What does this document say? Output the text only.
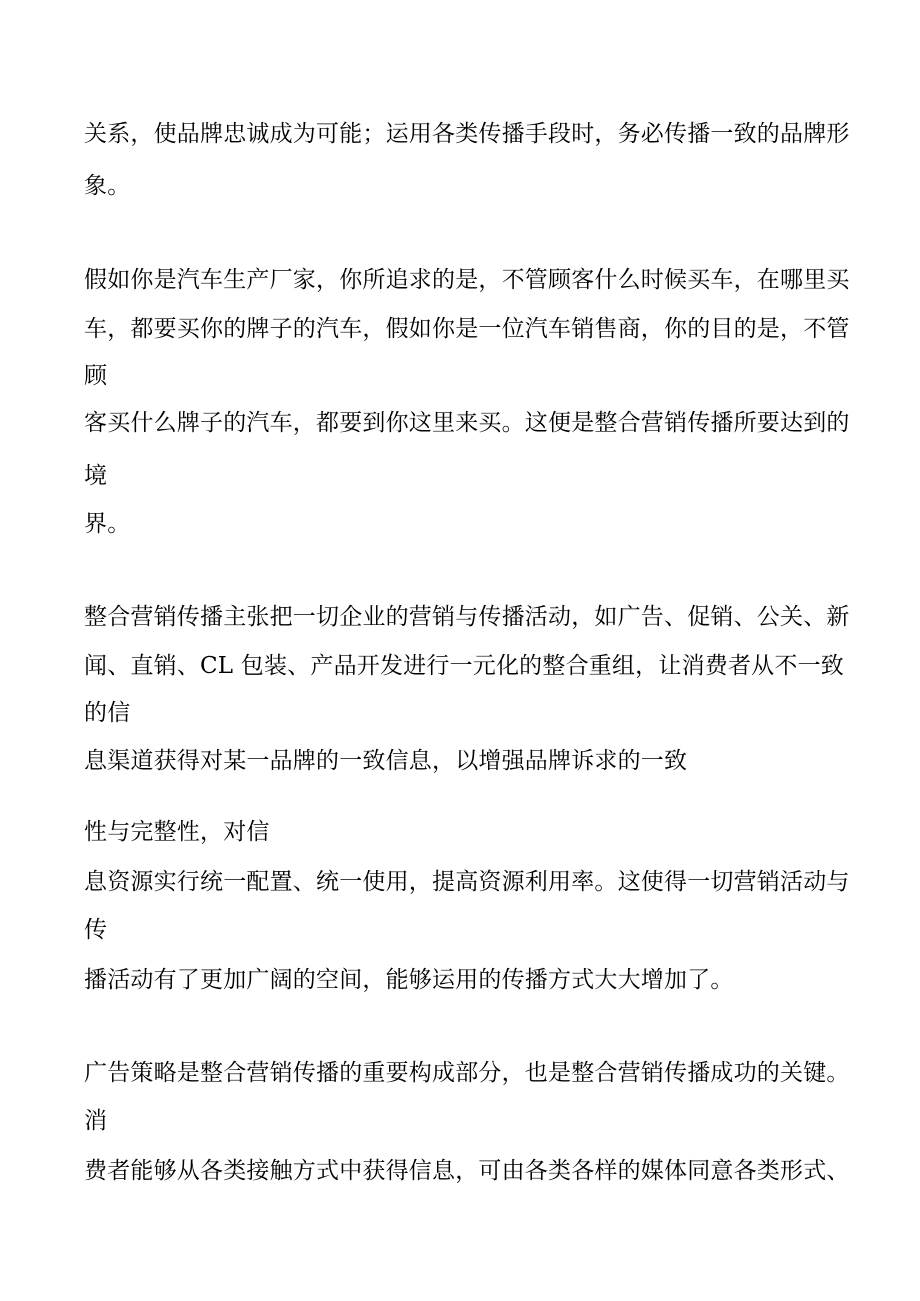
关系，使品牌忠诚成为可能；运用各类传播手段时，务必传播一致的品牌形
象。
假如你是汽车生产厂家，你所追求的是，不管顾客什么时候买车，在哪里买
车，都要买你的牌子的汽车，假如你是一位汽车销售商，你的目的是，不管
顾
客买什么牌子的汽车，都要到你这里来买。这便是整合营销传播所要达到的
境
界。
整合营销传播主张把一切企业的营销与传播活动，如广告、促销、公关、新
闻、直销、CL 包装、产品开发进行一元化的整合重组，让消费者从不一致
的信
息渠道获得对某一品牌的一致信息，以增强品牌诉求的一致
性与完整性，对信
息资源实行统一配置、统一使用，提高资源利用率。这使得一切营销活动与
传
播活动有了更加广阔的空间，能够运用的传播方式大大增加了。
广告策略是整合营销传播的重要构成部分，也是整合营销传播成功的关键。
消
费者能够从各类接触方式中获得信息，可由各类各样的媒体同意各类形式、
